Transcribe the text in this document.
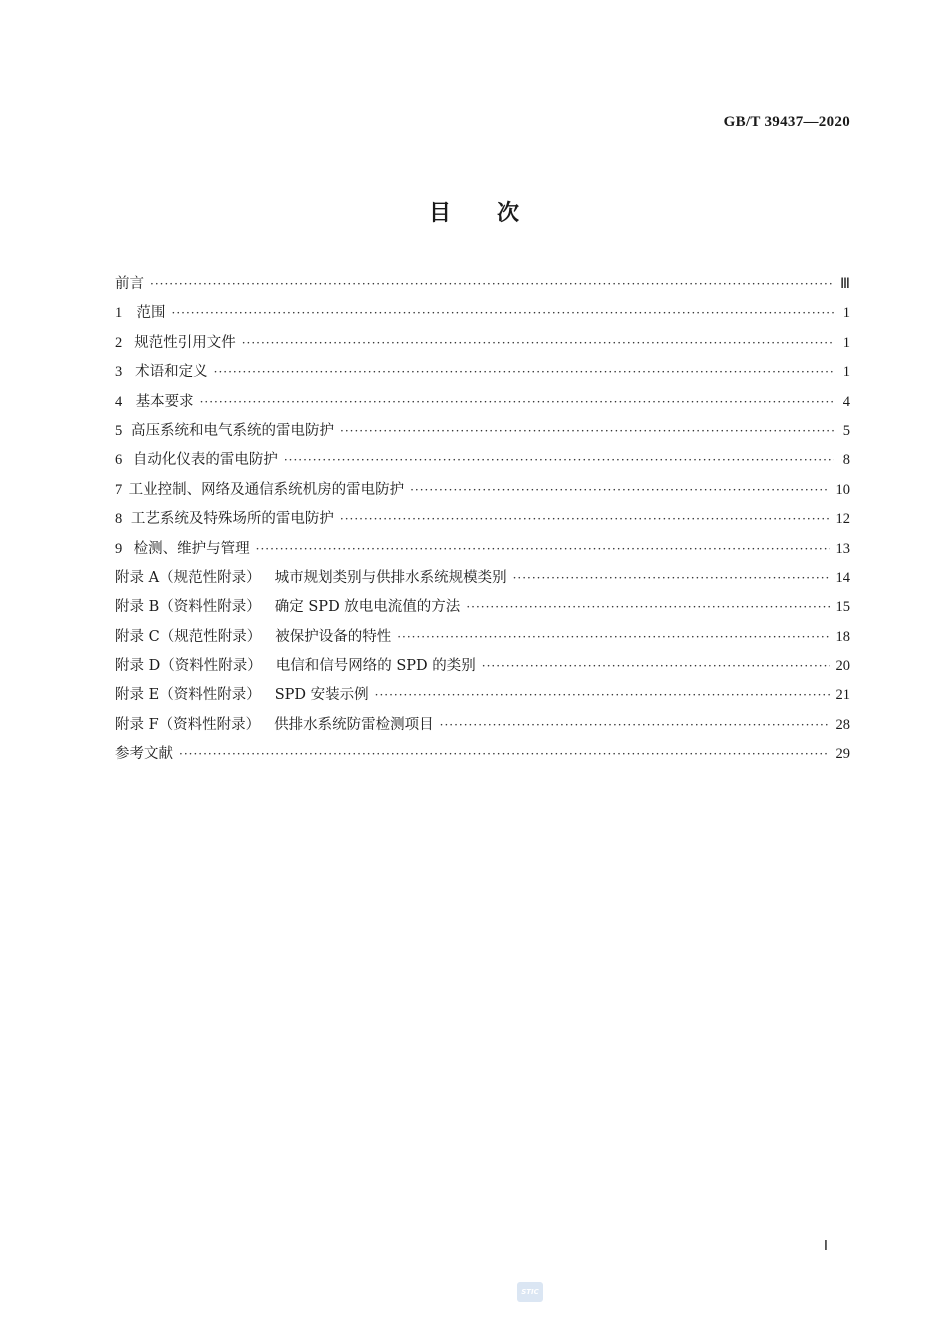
GB/T 39437—2020
目 次
前言 ·····	Ⅲ
1 范围 ·····	1
2 规范性引用文件 ·····	1
3 术语和定义 ·····	1
4 基本要求 ·····	4
5 高压系统和电气系统的雷电防护 ·····	5
6 自动化仪表的雷电防护 ·····	8
7 工业控制、网络及通信系统机房的雷电防护 ·····	10
8 工艺系统及特殊场所的雷电防护 ·····	12
9 检测、维护与管理 ·····	13
附录 A（规范性附录） 城市规划类别与供排水系统规模类别 ·····	14
附录 B（资料性附录） 确定 SPD 放电电流值的方法 ·····	15
附录 C（规范性附录） 被保护设备的特性 ·····	18
附录 D（资料性附录） 电信和信号网络的 SPD 的类别 ·····	20
附录 E（资料性附录） SPD 安装示例 ·····	21
附录 F（资料性附录） 供排水系统防雷检测项目 ·····	28
参考文献 ·····	29
Ⅰ
STIC
